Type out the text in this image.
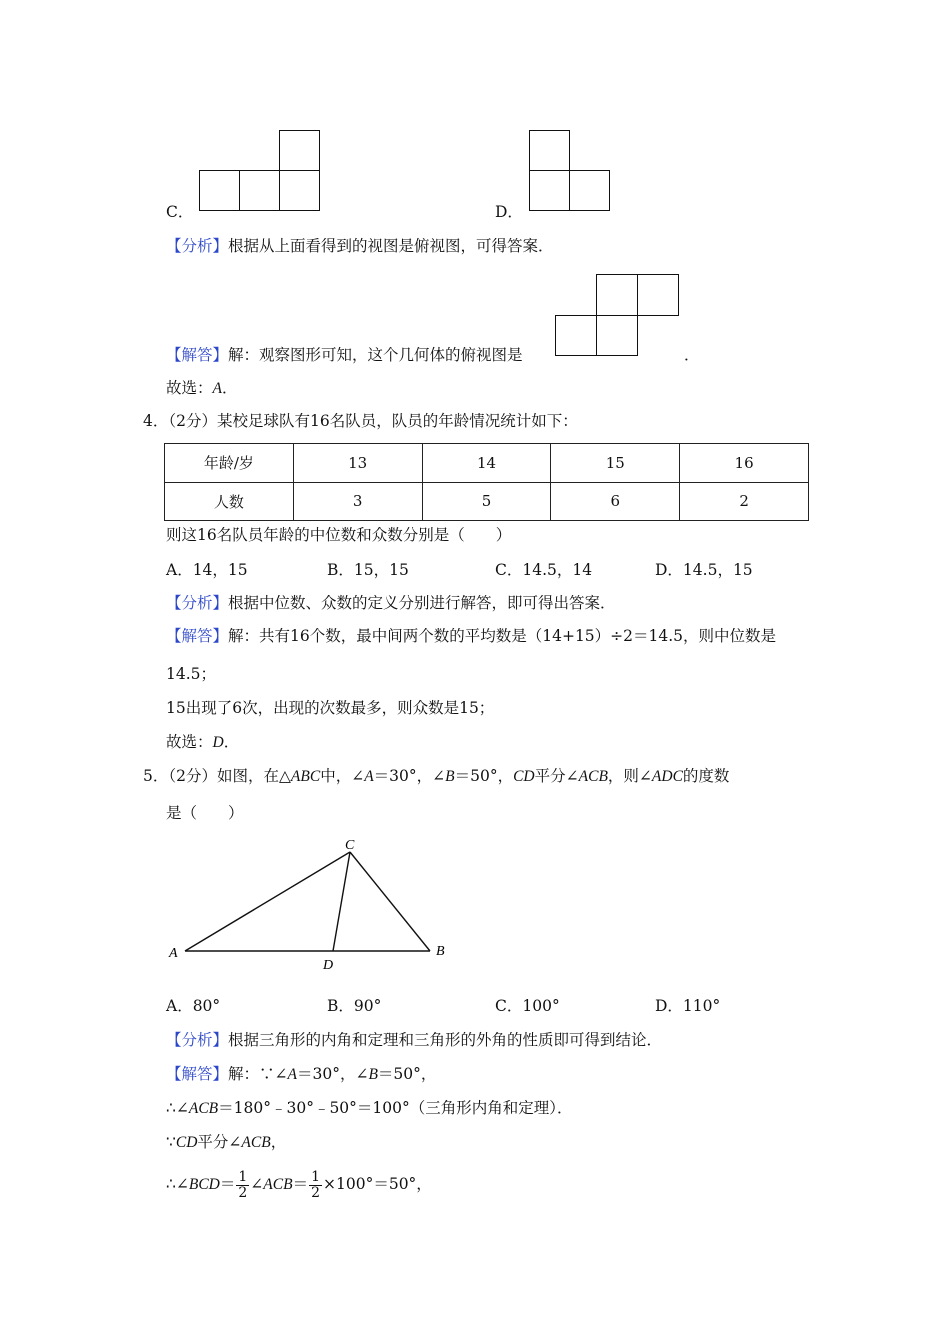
C．	D．
【分析】根据从上面看得到的视图是俯视图，可得答案．
【解答】解：观察图形可知，这个几何体的俯视图是	．
故选：A．
4．（2分）某校足球队有16名队员，队员的年龄情况统计如下：
年龄/岁	13	14	15	16
人数	3	5	6	2
则这16名队员年龄的中位数和众数分别是（　　）
A．14，15	B．15，15	C．14.5，14	D．14.5，15
【分析】根据中位数、众数的定义分别进行解答，即可得出答案．
【解答】解：共有16个数，最中间两个数的平均数是（14+15）÷2＝14.5，则中位数是
14.5；
15出现了6次，出现的次数最多，则众数是15；
故选：D．
5．（2分）如图，在△ABC中，∠A＝30°，∠B＝50°，CD平分∠ACB，则∠ADC的度数
是（　　）
A	B
C
D
A．80°	B．90°	C．100°	D．110°
【分析】根据三角形的内角和定理和三角形的外角的性质即可得到结论．
【解答】解：∵∠A＝30°，∠B＝50°，
∴∠ACB＝180°﹣30°﹣50°＝100°（三角形内角和定理）．
∵CD平分∠ACB，
∴∠BCD＝ $\frac{1}{2}$ ∠ACB＝ $\frac{1}{2} \times 100^\circ=50^\circ$，
